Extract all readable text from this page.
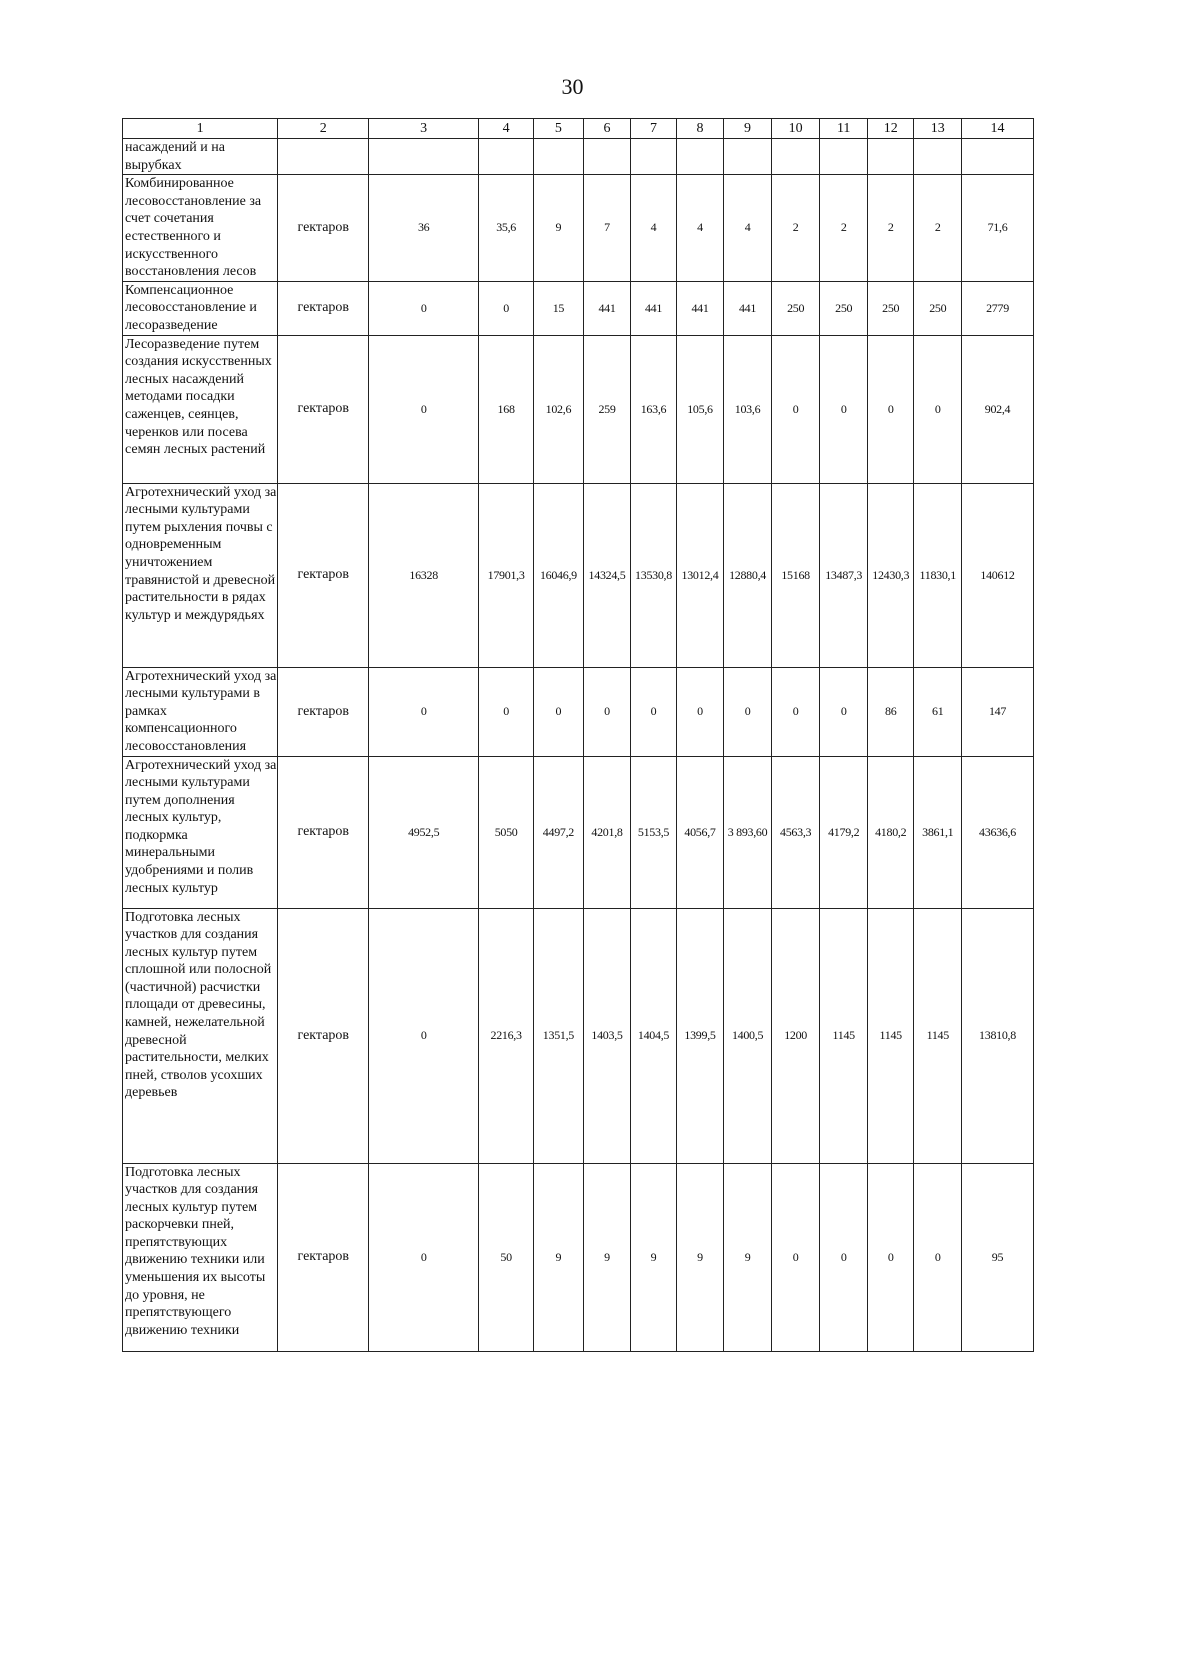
30
1	2	3	4	5	6	7	8	9	10	11	12	13	14
насаждений и на вырубках													
Комбинированное лесовосстановление за счет сочетания естественного и искусственного восстановления лесов	гектаров	36	35,6	9	7	4	4	4	2	2	2	2	71,6
Компенсационное лесовосстановление и лесоразведение	гектаров	0	0	15	441	441	441	441	250	250	250	250	2779
Лесоразведение путем создания искусственных лесных насаждений методами посадки саженцев, сеянцев, черенков или посева семян лесных растений	гектаров	0	168	102,6	259	163,6	105,6	103,6	0	0	0	0	902,4
Агротехнический уход за лесными культурами путем рыхления почвы с одновременным уничтожением травянистой и древесной растительности в рядах культур и междурядьях	гектаров	16328	17901,3	16046,9	14324,5	13530,8	13012,4	12880,4	15168	13487,3	12430,3	11830,1	140612
Агротехнический уход за лесными культурами в рамках компенсационного лесовосстановления	гектаров	0	0	0	0	0	0	0	0	0	86	61	147
Агротехнический уход за лесными культурами путем дополнения лесных культур, подкормка минеральными удобрениями и полив лесных культур	гектаров	4952,5	5050	4497,2	4201,8	5153,5	4056,7	3 893,60	4563,3	4179,2	4180,2	3861,1	43636,6
Подготовка лесных участков для создания лесных культур путем сплошной или полосной (частичной) расчистки площади от древесины, камней, нежелательной древесной растительности, мелких пней, стволов усохших деревьев	гектаров	0	2216,3	1351,5	1403,5	1404,5	1399,5	1400,5	1200	1145	1145	1145	13810,8
Подготовка лесных участков для создания лесных культур путем раскорчевки пней, препятствующих движению техники или уменьшения их высоты до уровня, не препятствующего движению техники	гектаров	0	50	9	9	9	9	9	0	0	0	0	95
